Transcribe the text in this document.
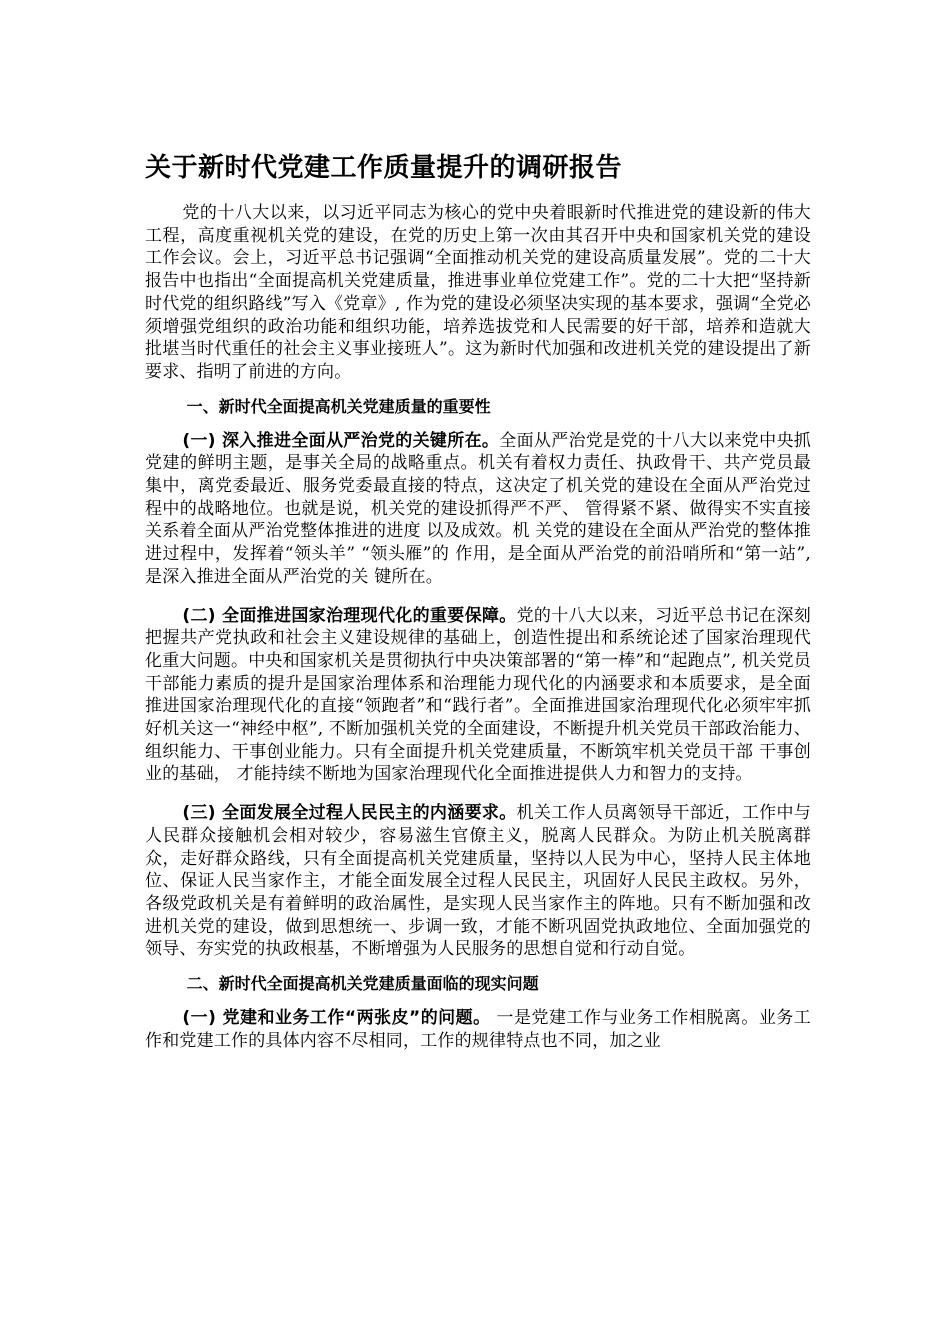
关于新时代党建工作质量提升的调研报告

党的十八大以来，以习近平同志为核心的党中央着眼新时代推进党的建设新的伟大工程，高度重视机关党的建设，在党的历史上第一次由其召开中央和国家机关党的建设工作会议。会上，习近平总书记强调“全面推动机关党的建设高质量发展”。党的二十大报告中也指出“全面提高机关党建质量，推进事业单位党建工作”。党的二十大把“坚持新时代党的组织路线”写入《党章》, 作为党的建设必须坚决实现的基本要求，强调“全党必须增强党组织的政治功能和组织功能，培养选拔党和人民需要的好干部，培养和造就大批堪当时代重任的社会主义事业接班人”。这为新时代加强和改进机关党的建设提出了新要求、指明了前进的方向。

一、新时代全面提高机关党建质量的重要性

(一) 深入推进全面从严治党的关键所在。全面从严治党是党的十八大以来党中央抓党建的鲜明主题，是事关全局的战略重点。机关有着权力责任、执政骨干、共产党员最集中，离党委最近、服务党委最直接的特点，这决定了机关党的建设在全面从严治党过程中的战略地位。也就是说，机关党的建设抓得严不严、 管得紧不紧、做得实不实直接关系着全面从严治党整体推进的进度 以及成效。机 关党的建设在全面从严治党的整体推进过程中，发挥着“领头羊” “领头雁”的 作用，是全面从严治党的前沿哨所和“第一站”, 是深入推进全面从严治党的关 键所在。

(二) 全面推进国家治理现代化的重要保障。党的十八大以来，习近平总书记在深刻把握共产党执政和社会主义建设规律的基础上，创造性提出和系统论述了国家治理现代化重大问题。中央和国家机关是贯彻执行中央决策部署的“第一棒”和“起跑点”, 机关党员干部能力素质的提升是国家治理体系和治理能力现代化的内涵要求和本质要求，是全面推进国家治理现代化的直接“领跑者”和“践行者”。全面推进国家治理现代化必须牢牢抓好机关这一“神经中枢”, 不断加强机关党的全面建设，不断提升机关党员干部政治能力、组织能力、干事创业能力。只有全面提升机关党建质量，不断筑牢机关党员干部 干事创业的基础， 才能持续不断地为国家治理现代化全面推进提供人力和智力的支持。

(三) 全面发展全过程人民民主的内涵要求。机关工作人员离领导干部近，工作中与人民群众接触机会相对较少，容易滋生官僚主义，脱离人民群众。为防止机关脱离群众，走好群众路线，只有全面提高机关党建质量，坚持以人民为中心，坚持人民主体地位、保证人民当家作主，才能全面发展全过程人民民主，巩固好人民民主政权。另外，各级党政机关是有着鲜明的政治属性，是实现人民当家作主的阵地。只有不断加强和改进机关党的建设，做到思想统一、步调一致，才能不断巩固党执政地位、全面加强党的领导、夯实党的执政根基，不断增强为人民服务的思想自觉和行动自觉。

二、新时代全面提高机关党建质量面临的现实问题

(一) 党建和业务工作“两张皮”的问题。 一是党建工作与业务工作相脱离。业务工作和党建工作的具体内容不尽相同，工作的规律特点也不同，加之业
